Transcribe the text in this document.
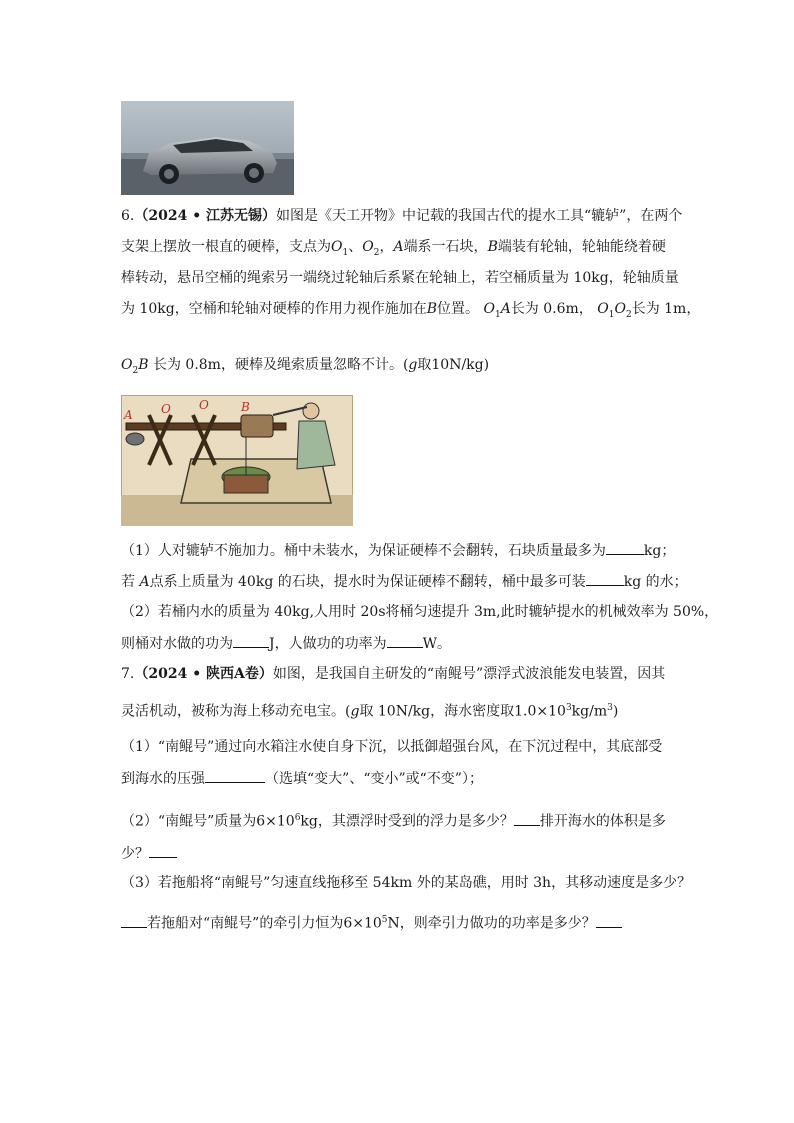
6.（2024 • 江苏无锡）如图是《天工开物》中记载的我国古代的提水工具“辘轳”，在两个
支架上摆放一根直的硬棒，支点为$O_1$、$O_2$，A端系一石块，B端装有轮轴，轮轴能绕着硬
棒转动，悬吊空桶的绳索另一端绕过轮轴后系紧在轮轴上，若空桶质量为 10kg，轮轴质量
为 10kg，空桶和轮轴对硬棒的作用力视作施加在B位置。 $O_1A$长为 0.6m， $O_1O_2$长为 1m，
$O_2B$ 长为 0.8m，硬棒及绳索质量忽略不计。(g取10N/kg)
A O O	B
（1）人对辘轳不施加力。桶中未装水，为保证硬棒不会翻转，石块质量最多为	kg；
若 A点系上质量为 40kg 的石块，提水时为保证硬棒不翻转，桶中最多可装	kg 的水；
（2）若桶内水的质量为 40kg,人用时 20s将桶匀速提升 3m,此时辘轳提水的机械效率为 50%，
则桶对水做的功为	J，人做功的功率为	W。
7.（2024 • 陕西A卷）如图，是我国自主研发的“南鲲号”漂浮式波浪能发电装置，因其
灵活机动，被称为海上移动充电宝。(g取 10N/kg，海水密度取$1.0\times 10^3kg/m^3$)
（1）“南鲲号”通过向水箱注水使自身下沉，以抵御超强台风，在下沉过程中，其底部受
到海水的压强	（选填“变大”、“变小”或“不变”）；
（2）“南鲲号”质量为$6\times 10^6kg$，其漂浮时受到的浮力是多少？ 排开海水的体积是多
少？
（3）若拖船将“南鲲号”匀速直线拖移至 54km 外的某岛礁，用时 3h，其移动速度是多少？
若拖船对“南鲲号”的牵引力恒为$6\times 10^5N$，则牵引力做功的功率是多少？
